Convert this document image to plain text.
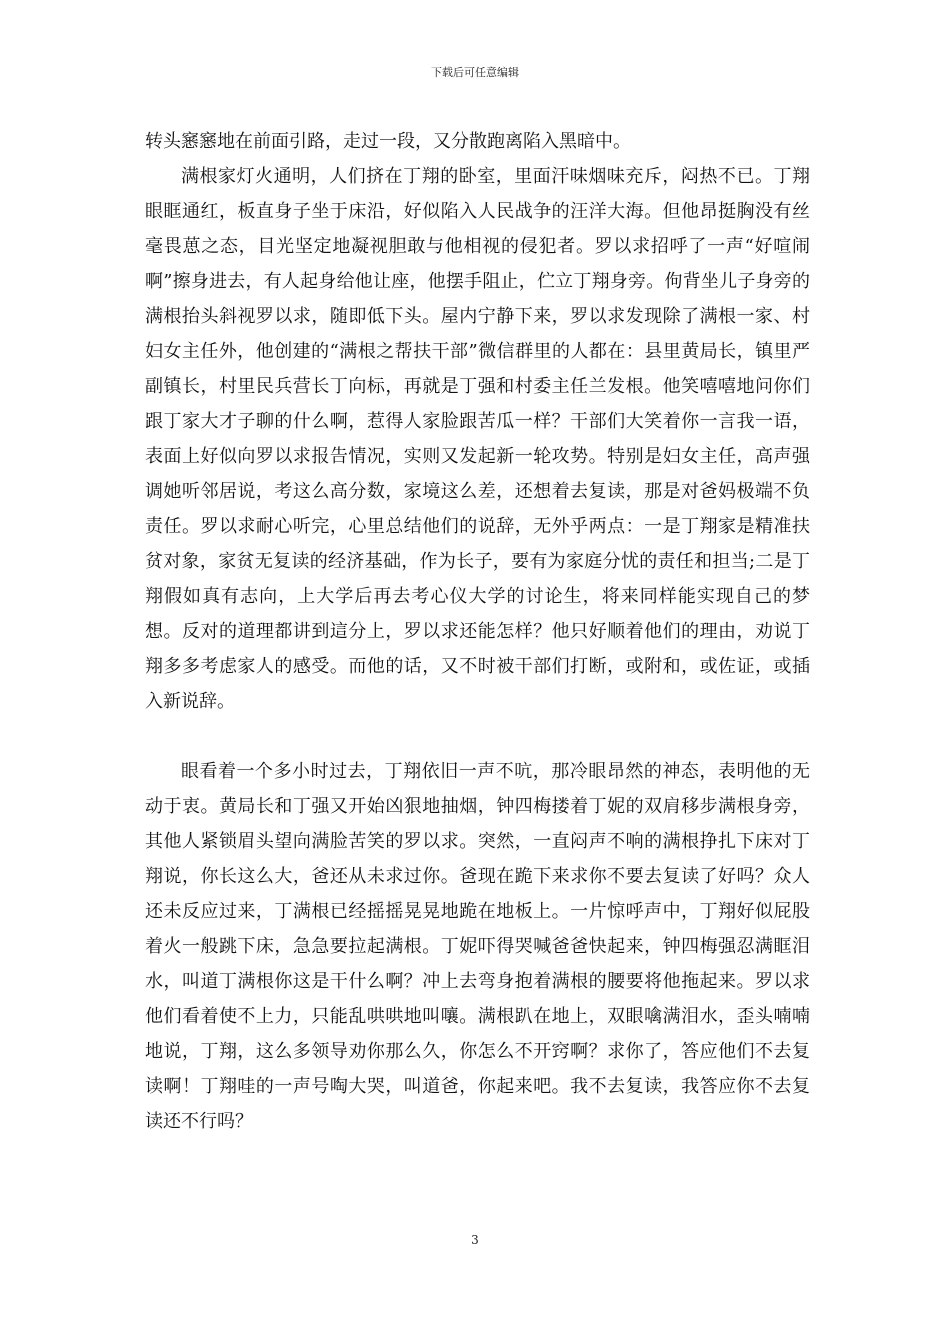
下载后可任意编辑

转头窸窸地在前面引路，走过一段，又分散跑离陷入黑暗中。

满根家灯火通明，人们挤在丁翔的卧室，里面汗味烟味充斥，闷热不已。丁翔眼眶通红，板直身子坐于床沿，好似陷入人民战争的汪洋大海。但他昂挺胸没有丝毫畏葸之态，目光坚定地凝视胆敢与他相视的侵犯者。罗以求招呼了一声“好喧闹啊”擦身进去，有人起身给他让座，他摆手阻止，伫立丁翔身旁。佝背坐儿子身旁的满根抬头斜视罗以求，随即低下头。屋内宁静下来，罗以求发现除了满根一家、村妇女主任外，他创建的“满根之帮扶干部”微信群里的人都在：县里黄局长，镇里严副镇长，村里民兵营长丁向标，再就是丁强和村委主任兰发根。他笑嘻嘻地问你们跟丁家大才子聊的什么啊，惹得人家脸跟苦瓜一样？干部们大笑着你一言我一语，表面上好似向罗以求报告情况，实则又发起新一轮攻势。特别是妇女主任，高声强调她听邻居说，考这么高分数，家境这么差，还想着去复读，那是对爸妈极端不负责任。罗以求耐心听完，心里总结他们的说辞，无外乎两点：一是丁翔家是精准扶贫对象，家贫无复读的经济基础，作为长子，要有为家庭分忧的责任和担当;二是丁翔假如真有志向，上大学后再去考心仪大学的讨论生，将来同样能实现自己的梦想。反对的道理都讲到這分上，罗以求还能怎样？他只好顺着他们的理由，劝说丁翔多多考虑家人的感受。而他的话，又不时被干部们打断，或附和，或佐证，或插入新说辞。

眼看着一个多小时过去，丁翔依旧一声不吭，那冷眼昂然的神态，表明他的无动于衷。黄局长和丁强又开始凶狠地抽烟，钟四梅搂着丁妮的双肩移步满根身旁，其他人紧锁眉头望向满脸苦笑的罗以求。突然，一直闷声不响的满根挣扎下床对丁翔说，你长这么大，爸还从未求过你。爸现在跪下来求你不要去复读了好吗？众人还未反应过来，丁满根已经摇摇晃晃地跪在地板上。一片惊呼声中，丁翔好似屁股着火一般跳下床，急急要拉起满根。丁妮吓得哭喊爸爸快起来，钟四梅强忍满眶泪水，叫道丁满根你这是干什么啊？冲上去弯身抱着满根的腰要将他拖起来。罗以求他们看着使不上力，只能乱哄哄地叫嚷。满根趴在地上，双眼噙满泪水，歪头喃喃地说，丁翔，这么多领导劝你那么久，你怎么不开窍啊？求你了，答应他们不去复读啊！丁翔哇的一声号啕大哭，叫道爸，你起来吧。我不去复读，我答应你不去复读还不行吗？

3
